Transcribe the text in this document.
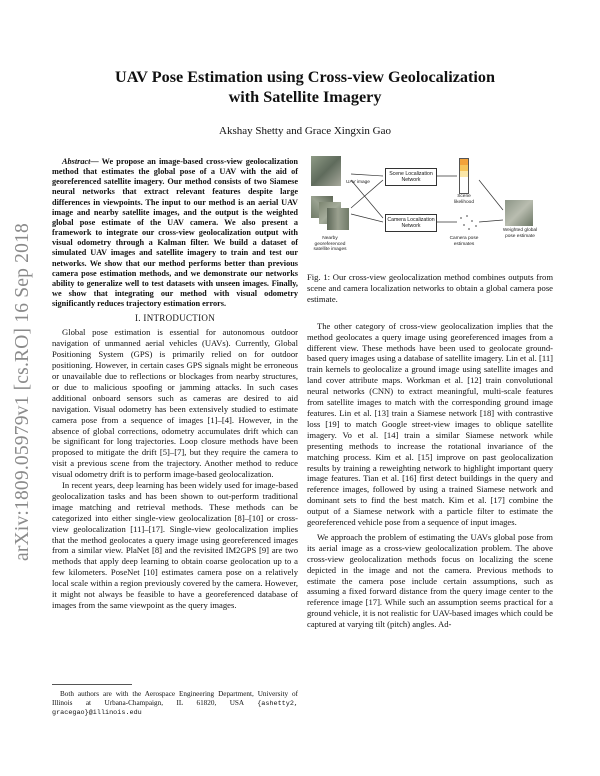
arXiv:1809.05979v1 [cs.RO] 16 Sep 2018
UAV Pose Estimation using Cross-view Geolocalization
with Satellite Imagery
Akshay Shetty and Grace Xingxin Gao

Abstract— We propose an image-based cross-view geolocalization method that estimates the global pose of a UAV with the aid of georeferenced satellite imagery. Our method consists of two Siamese neural networks that extract relevant features despite large differences in viewpoints. The input to our method is an aerial UAV image and nearby satellite images, and the output is the weighted global pose estimate of the UAV camera. We also present a framework to integrate our cross-view geolocalization output with visual odometry through a Kalman filter. We build a dataset of simulated UAV images and satellite imagery to train and test our networks. We show that our method performs better than previous camera pose estimation methods, and we demonstrate our networks ability to generalize well to test datasets with unseen images. Finally, we show that integrating our method with visual odometry significantly reduces trajectory estimation errors.

I. INTRODUCTION

Global pose estimation is essential for autonomous outdoor navigation of unmanned aerial vehicles (UAVs). Currently, Global Positioning System (GPS) is primarily relied on for outdoor positioning. However, in certain cases GPS signals might be erroneous or unavailable due to reflections or blockages from nearby structures, or due to malicious spoofing or jamming attacks. In such cases additional onboard sensors such as cameras are desired to aid navigation. Visual odometry has been extensively studied to estimate camera pose from a sequence of images [1]–[4]. However, in the absence of global corrections, odometry accumulates drift which can be significant for long trajectories. Loop closure methods have been proposed to mitigate the drift [5]–[7], but they require the camera to visit a previous scene from the trajectory. Another method to reduce visual odometry drift is to perform image-based geolocalization.

In recent years, deep learning has been widely used for image-based geolocalization tasks and has been shown to out-perform traditional image matching and retrieval methods. These methods can be categorized into either single-view geolocalization [8]–[10] or cross-view geolocalization [11]–[17]. Single-view geolocalization implies that the method geolocates a query image using georeferenced images from a similar view. PlaNet [8] and the revisited IM2GPS [9] are two methods that apply deep learning to obtain coarse geolocation up to a few kilometers. PoseNet [10] estimates camera pose on a relatively local scale within a region previously covered by the camera. However, it might not always be feasible to have a georeferenced database of images from the same viewpoint as the query images.

Both authors are with the Aerospace Engineering Department, University of Illinois at Urbana-Champaign, IL 61820, USA {ashetty2, gracegao}@illinois.edu
UAV image
Nearby georeferenced satellite images
Scene Localization Network
Camera Localization Network
Scene likelihood
Camera pose estimates
Weighted global pose estimate

Fig. 1: Our cross-view geolocalization method combines outputs from scene and camera localization networks to obtain a global camera pose estimate.

The other category of cross-view geolocalization implies that the method geolocates a query image using georeferenced images from a different view. These methods have been used to geolocate ground-based query images using a database of satellite imagery. Lin et al. [11] train kernels to geolocalize a ground image using satellite images and land cover attribute maps. Workman et al. [12] train convolutional neural networks (CNN) to extract meaningful, multi-scale features from satellite images to match with the corresponding ground image features. Lin et al. [13] train a Siamese network [18] with contrastive loss [19] to match Google street-view images to oblique satellite imagery. Vo et al. [14] train a similar Siamese network while presenting methods to increase the rotational invariance of the matching process. Kim et al. [15] improve on past geolocalization results by training a reweighting network to highlight important query image features. Tian et al. [16] first detect buildings in the query and reference images, followed by using a trained Siamese network and dominant sets to find the best match. Kim et al. [17] combine the output of a Siamese network with a particle filter to estimate the georeferenced vehicle pose from a sequence of input images.

We approach the problem of estimating the UAVs global pose from its aerial image as a cross-view geolocalization problem. The above cross-view geolocalization methods focus on localizing the scene depicted in the image and not the camera. Previous methods to estimate the camera pose include certain assumptions, such as assuming a fixed forward distance from the query image center to the reference image [17]. While such an assumption seems practical for a ground vehicle, it is not realistic for UAV-based images which could be captured at varying tilt (pitch) angles. Ad-
